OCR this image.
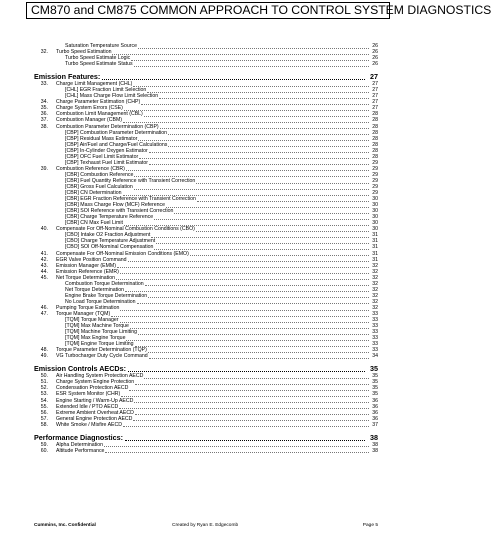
CM870 and CM875 COMMON APPROACH TO CONTROL SYSTEM DIAGNOSTICS
Saturation Temperature Source	26
32. Turbo Speed Estimation	26
Turbo Speed Estimate Logic	26
Turbo Speed Estimate Status	26
Emission Features:	27
33. Charge Limit Management (CHL)	27
[CHL] EGR Fraction Limit Selection	27
[CHL] Mass Charge Flow Limit Selection	27
34. Charge Parameter Estimation (CHP)	27
35. Charge System Errors (CSE)	27
36. Combustion Limit Management (CBL)	28
37. Combustion Manager (CBM)	28
38. Combustion Parameter Determination (CBP)	28
[CBP] Combustion Parameter Determination	28
[CBP] Residual Mass Estimator	28
[CBP] Air/Fuel and Charge/Fuel Calculations	28
[CBP] In-Cylinder Oxygen Estimator	28
[CBP] OFC Fuel Limit Estimator	28
[CBP] Texhaust Fuel Limit Estimator	29
39. Combustion Reference (CBR)	29
[CBR] Combustion Reference	29
[CBR] Fuel Quantity Reference with Transient Correction	29
[CBR] Gross Fuel Calculation	29
[CBR] CN Determination	29
[CBR] EGR Fraction Reference with Transient Correction	30
[CBR] Mass Charge Flow (MCF) Reference	30
[CBR] SOI Reference with Transient Correction	30
[CBR] Charge Temperature Reference	30
[CBR] CN Max Fuel Limit	30
40. Compensate For Off-Nominal Combustion Conditions (CBO)	30
[CBO] Intake O2 Fraction Adjustment	31
[CBO] Charge Temperature Adjustment	31
[CBO] SOI Off-Nominal Compensation	31
41. Compensate For Off-Nominal Emission Conditions (EMO)	31
42. EGR Valve Position Command	31
43. Emission Manager (EMM)	32
44. Emission Reference (EMR)	32
45. Net Torque Determination	32
Combustion Torque Determination	32
Net Torque Determination	32
Engine Brake Torque Determination	32
No Load Torque Determination	32
46. Pumping Torque Estimation	32
47. Torque Manager (TQM)	33
[TQM] Torque Manager	33
[TQM] Max Machine Torque	33
[TQM] Machine Torque Limiting	33
[TQM] Max Engine Torque	33
[TQM] Engine Torque Limiting	33
48. Torque Parameter Determination (TQP)	33
49. VG Turbocharger Duty Cycle Command	34
Emission Controls AECDs:	35
50. Air Handling System Protection AECD	35
51. Charge System Engine Protection	35
52. Condensation Protection AECD	35
53. ESR System Monitor (CHR)	35
54. Engine Starting / Warm-Up AECD	36
55. Extended Idle / PTO AECD	36
56. Extreme Ambient Overheat AECD	36
57. General Engine Protection AECD	36
58. White Smoke / Misfire AECD	37
Performance Diagnostics:	38
59. Alpha Determination	38
60. Altitude Performance	38
Cummins, Inc. Confidential	Created by Ryan E. Edgecomb	Page 5
